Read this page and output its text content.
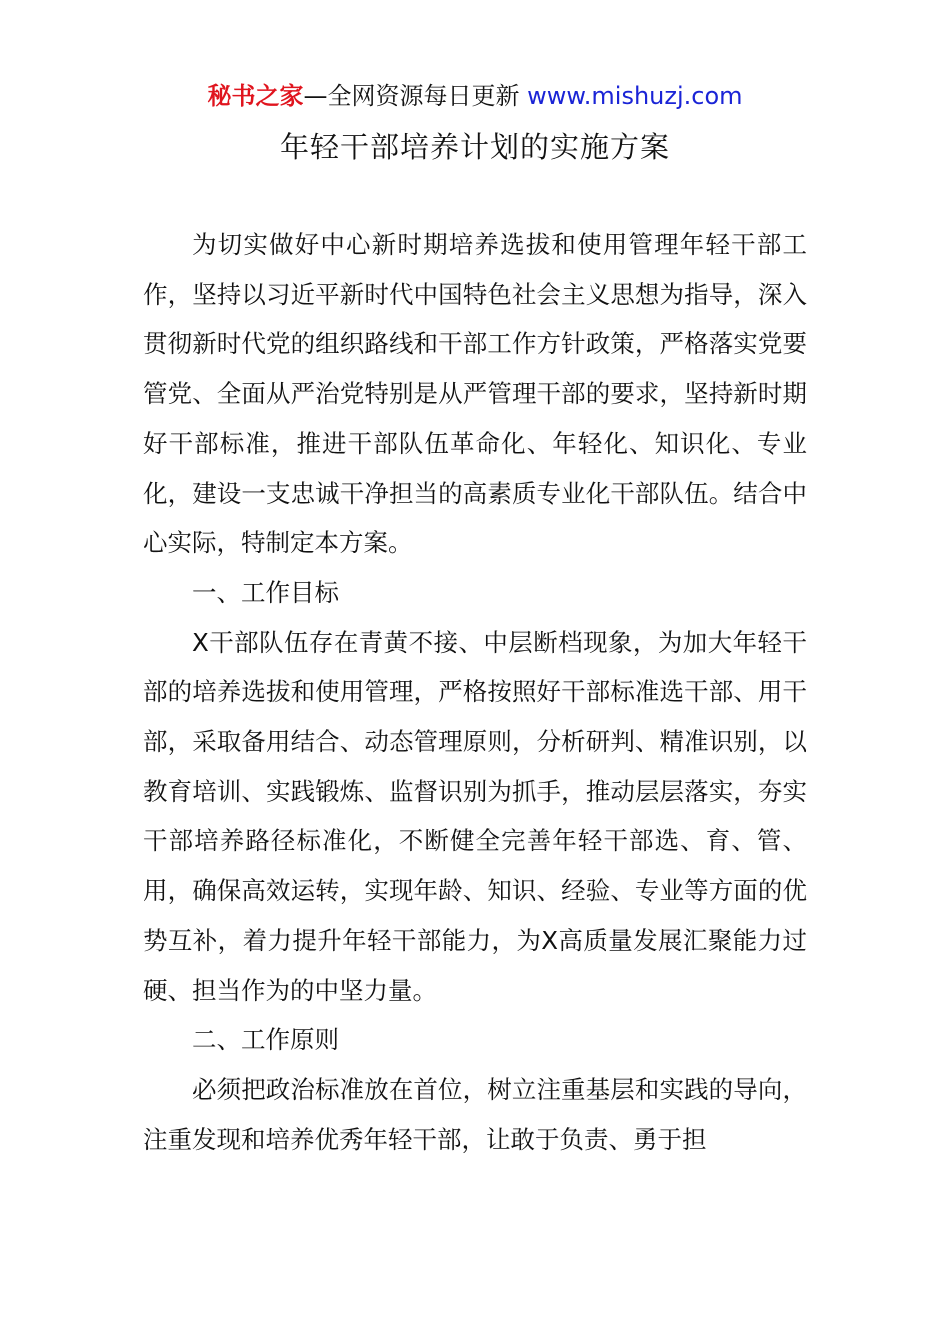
秘书之家—全网资源每日更新 www.mishuzj.com
年轻干部培养计划的实施方案

为切实做好中心新时期培养选拔和使用管理年轻干部工作，坚持以习近平新时代中国特色社会主义思想为指导，深入贯彻新时代党的组织路线和干部工作方针政策，严格落实党要管党、全面从严治党特别是从严管理干部的要求，坚持新时期好干部标准，推进干部队伍革命化、年轻化、知识化、专业化，建设一支忠诚干净担当的高素质专业化干部队伍。结合中心实际，特制定本方案。

一、工作目标

X干部队伍存在青黄不接、中层断档现象，为加大年轻干部的培养选拔和使用管理，严格按照好干部标准选干部、用干部，采取备用结合、动态管理原则，分析研判、精准识别，以教育培训、实践锻炼、监督识别为抓手，推动层层落实，夯实干部培养路径标准化，不断健全完善年轻干部选、育、管、用，确保高效运转，实现年龄、知识、经验、专业等方面的优势互补，着力提升年轻干部能力，为X高质量发展汇聚能力过硬、担当作为的中坚力量。

二、工作原则

必须把政治标准放在首位，树立注重基层和实践的导向，注重发现和培养优秀年轻干部，让敢于负责、勇于担
